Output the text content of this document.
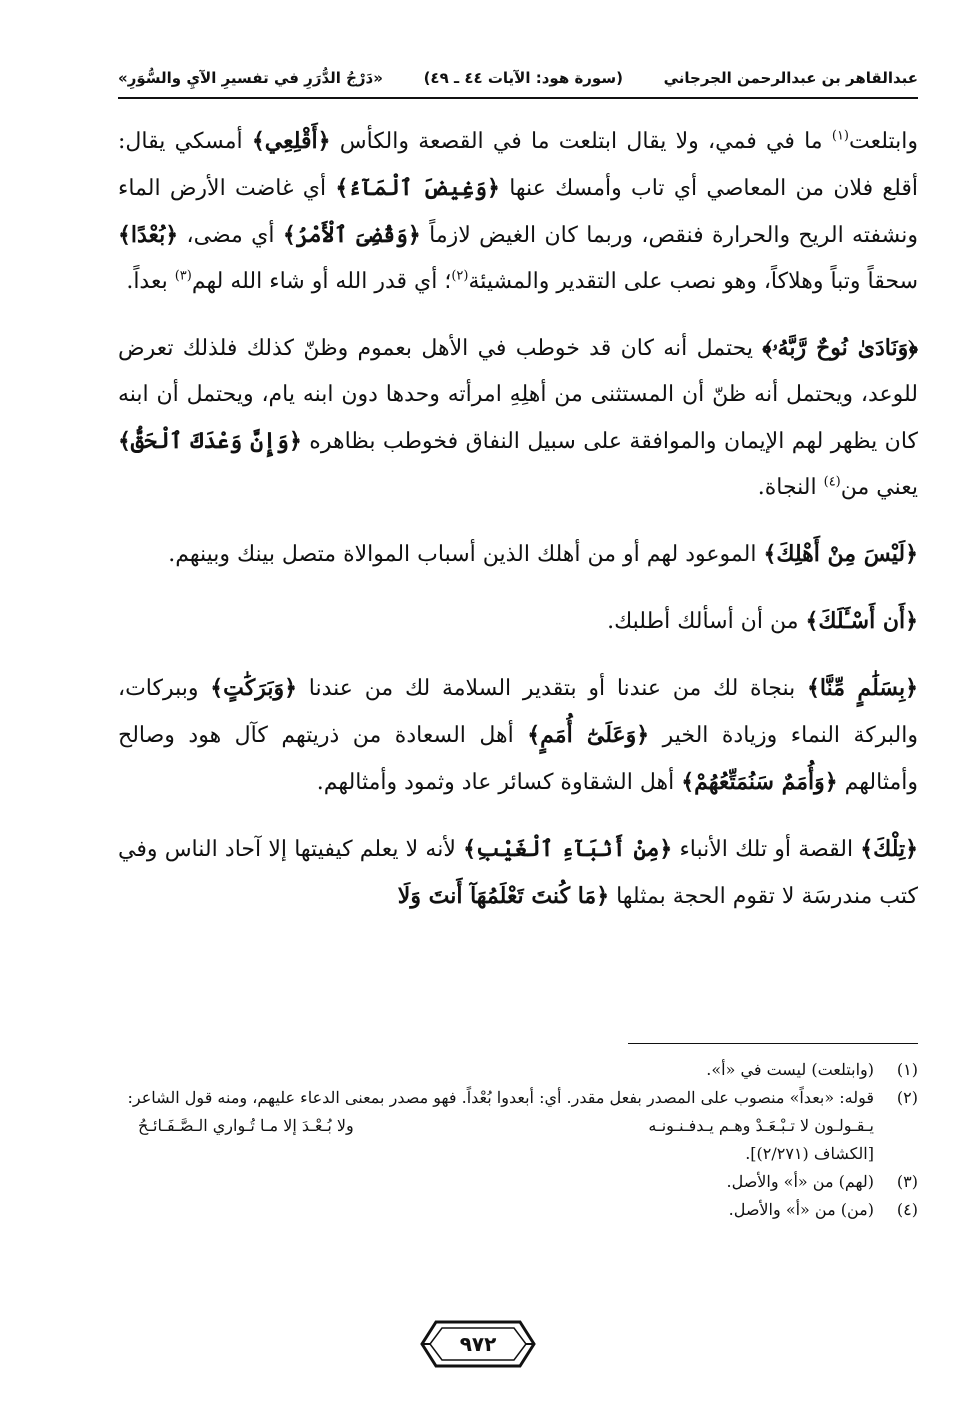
عبدالقاهر بن عبدالرحمن الجرجاني
(سورة هود: الآيات ٤٤ ـ ٤٩)
«دَرْجُ الدُّرَرِ في تفسيرِ الآيِ والسُّوَرِ»

وابتلعت$^{(١)}$ ما في فمي، ولا يقال ابتلعت ما في القصعة والكأس ﴿أَقْلِعِي﴾ أمسكي يقال: أقلع فلان من المعاصي أي تاب وأمسك عنها ﴿وَغِيضَ ٱلْمَآءُ﴾ أي غاضت الأرض الماء ونشفته الريح والحرارة فنقص، وربما كان الغيض لازماً ﴿وَقُضِىَ ٱلْأَمْرُ﴾ أي مضى، ﴿بُعْدًا﴾ سحقاً وتباً وهلاكاً، وهو نصب على التقدير والمشيئة$^{(٢)}$؛ أي قدر الله أو شاء الله لهم$^{(٣)}$ بعداً.

﴿وَنَادَىٰ نُوحٌ رَّبَّهُۥ﴾ يحتمل أنه كان قد خوطب في الأهل بعموم وظنّ كذلك فلذلك تعرض للوعد، ويحتمل أنه ظنّ أن المستثنى من أهلِهِ امرأته وحدها دون ابنه يام، ويحتمل أن ابنه كان يظهر لهم الإيمان والموافقة على سبيل النفاق فخوطب بظاهره ﴿وَإِنَّ وَعْدَكَ ٱلْحَقُّ﴾ يعني من$^{(٤)}$ النجاة.

﴿لَيْسَ مِنْ أَهْلِكَ﴾ الموعود لهم أو من أهلك الذين أسباب الموالاة متصل بينك وبينهم.

﴿أَن أَسْـَٔلَكَ﴾ من أن أسألك أطلبك.

﴿بِسَلَٰمٍ مِّنَّا﴾ بنجاة لك من عندنا أو بتقدير السلامة لك من عندنا ﴿وَبَرَكَٰتٍ﴾ وببركات، والبركة النماء وزيادة الخير ﴿وَعَلَىٰٓ أُمَمٍ﴾ أهل السعادة من ذريتهم كآل هود وصالح وأمثالهم ﴿وَأُمَمٌ سَنُمَتِّعُهُمْ﴾ أهل الشقاوة كسائر عاد وثمود وأمثالهم.

﴿تِلْكَ﴾ القصة أو تلك الأنباء ﴿مِنْ أَنۢبَآءِ ٱلْغَيْبِ﴾ لأنه لا يعلم كيفيتها إلا آحاد الناس وفي كتب مندرسَة لا تقوم الحجة بمثلها ﴿مَا كُنتَ تَعْلَمُهَآ أَنتَ وَلَا

(١)
(وابتلعت) ليست في «أ».
(٢)
قوله: «بعداً» منصوب على المصدر بفعل مقدر. أي: أبعدوا بُعْداً. فهو مصدر بمعنى الدعاء عليهم، ومنه قول الشاعر:
يـقـولـون لا تـبْـعَـدْ وهـم يـدفـنـونـه
ولا بُـعْـدَ إلا مـا تُـواري الـصَّـفَـائـحُ
[الكشاف (٢/٢٧١)].
(٣)
(لهم) من «أ» والأصل.
(٤)
(من) من «أ» والأصل.
٩٧٢
